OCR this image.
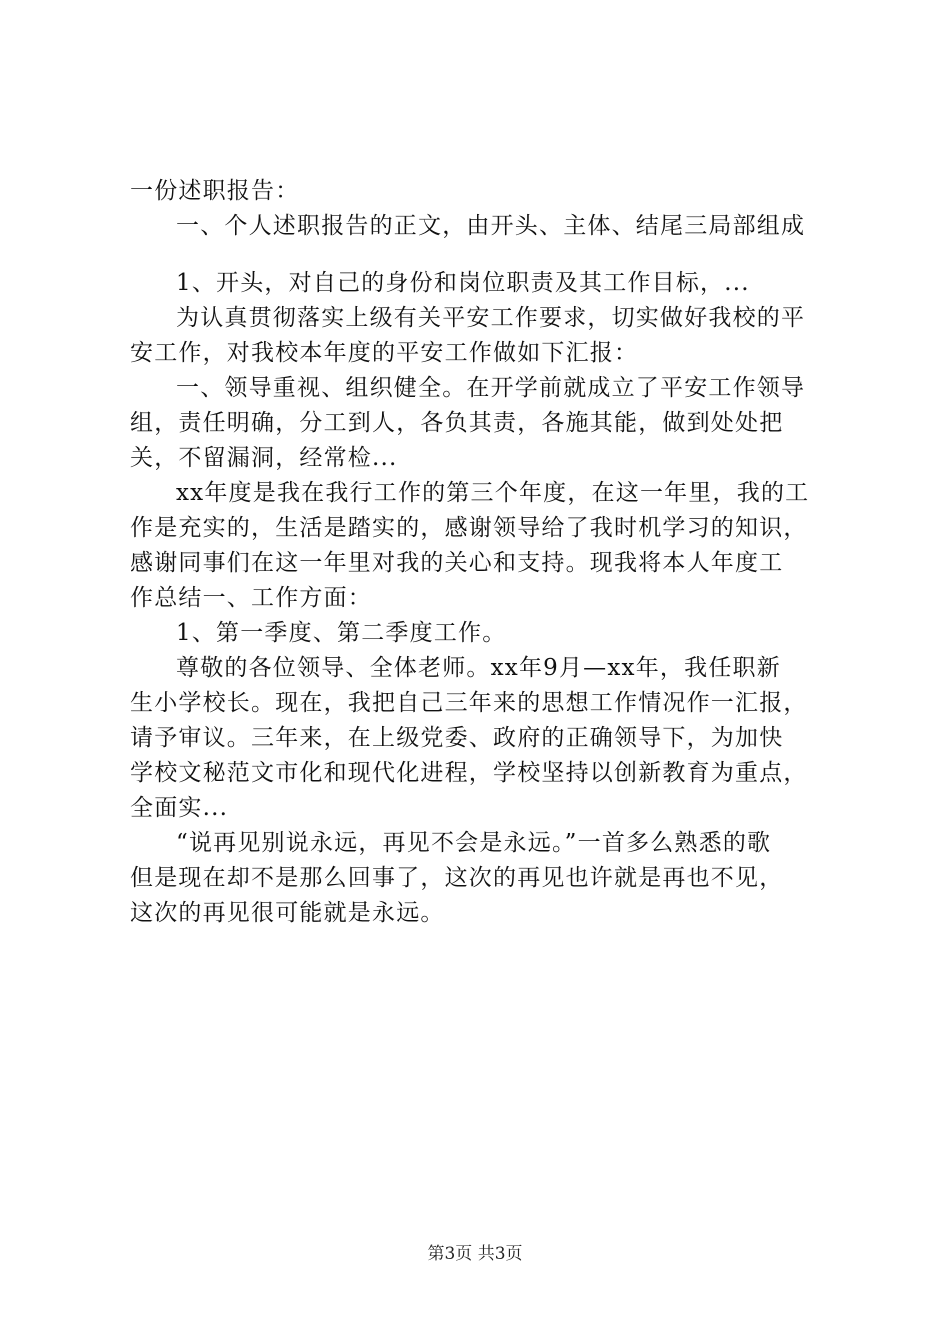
一份述职报告：
一、个人述职报告的正文，由开头、主体、结尾三局部组成
1、开头，对自己的身份和岗位职责及其工作目标，...
为认真贯彻落实上级有关平安工作要求，切实做好我校的平
安工作，对我校本年度的平安工作做如下汇报：
一、领导重视、组织健全。在开学前就成立了平安工作领导
组，责任明确，分工到人，各负其责，各施其能，做到处处把
关，不留漏洞，经常检...
xx年度是我在我行工作的第三个年度，在这一年里，我的工
作是充实的，生活是踏实的，感谢领导给了我时机学习的知识，
感谢同事们在这一年里对我的关心和支持。现我将本人年度工
作总结一、工作方面：
1、第一季度、第二季度工作。
尊敬的各位领导、全体老师。xx年9月—xx年，我任职新
生小学校长。现在，我把自己三年来的思想工作情况作一汇报，
请予审议。三年来，在上级党委、政府的正确领导下，为加快
学校文秘范文市化和现代化进程，学校坚持以创新教育为重点，
全面实...
“说再见别说永远，再见不会是永远。”一首多么熟悉的歌
但是现在却不是那么回事了，这次的再见也许就是再也不见，
这次的再见很可能就是永远。
第3页 共3页
